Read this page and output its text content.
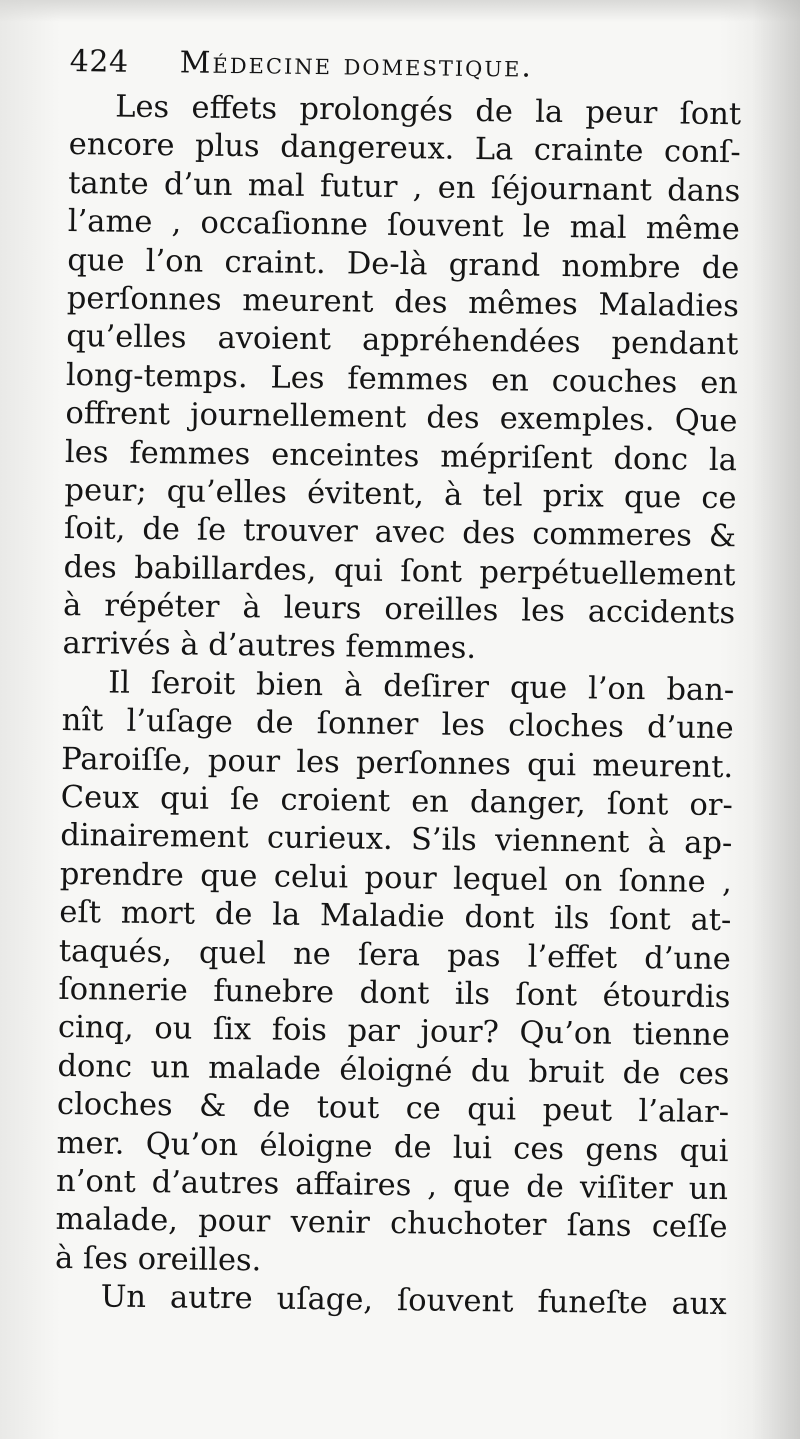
424	Médecine domestique.
Les effets prolongés de la peur ſont
encore plus dangereux. La crainte conſ-
tante d’un mal futur , en ſéjournant dans
l’ame , occaſionne ſouvent le mal même
que l’on craint. De-là grand nombre de
perſonnes meurent des mêmes Maladies
qu’elles avoient appréhendées pendant
long-temps. Les femmes en couches en
offrent journellement des exemples. Que
les femmes enceintes mépriſent donc la
peur; qu’elles évitent, à tel prix que ce
ſoit, de ſe trouver avec des commeres &
des babillardes, qui ſont perpétuellement
à répéter à leurs oreilles les accidents
arrivés à d’autres femmes.
Il ſeroit bien à deſirer que l’on ban-
nît l’uſage de ſonner les cloches d’une
Paroiſſe, pour les perſonnes qui meurent.
Ceux qui ſe croient en danger, ſont or-
dinairement curieux. S’ils viennent à ap-
prendre que celui pour lequel on ſonne ,
eſt mort de la Maladie dont ils ſont at-
taqués, quel ne ſera pas l’effet d’une
ſonnerie funebre dont ils ſont étourdis
cinq, ou ſix fois par jour? Qu’on tienne
donc un malade éloigné du bruit de ces
cloches & de tout ce qui peut l’alar-
mer. Qu’on éloigne de lui ces gens qui
n’ont d’autres affaires , que de viſiter un
malade, pour venir chuchoter ſans ceſſe
à ſes oreilles.
Un autre uſage, ſouvent funeſte aux
